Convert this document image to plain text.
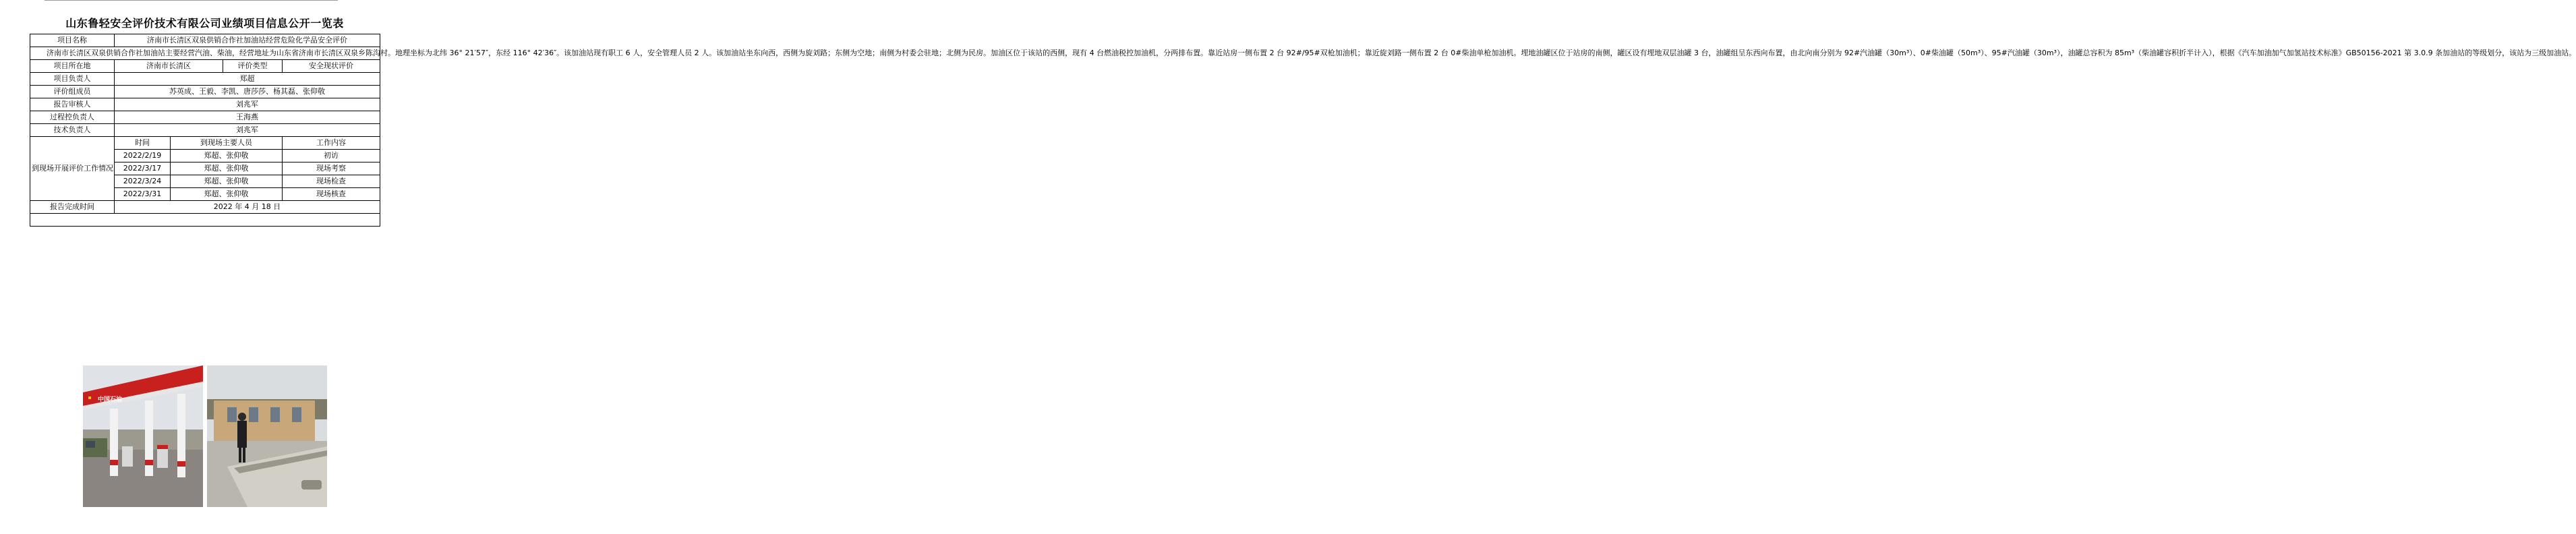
山东鲁轻安全评价技术有限公司业绩项目信息公开一览表
项目名称	济南市长清区双泉供销合作社加油站经营危险化学品安全评价			

济南市长清区双泉供销合作社加油站主要经营汽油、柴油，经营地址为山东省济南市长清区双泉乡陈沟村。地理坐标为北纬 36° 21′57″，东经 116° 42′36″。该加油站现有职工 6 人，安全管理人员 2 人。该加油站坐东向西，西侧为旋刘路；东侧为空地；南侧为村委会驻地；北侧为民房。加油区位于该站的西侧，现有 4 台燃油税控加油机，分两排布置。靠近站房一侧布置 2 台 92#/95#双枪加油机；靠近旋刘路一侧布置 2 台 0#柴油单枪加油机。埋地油罐区位于站房的南侧，罐区设有埋地双层油罐 3 台，油罐组呈东西向布置，由北向南分别为 92#汽油罐（30m³）、0#柴油罐（50m³）、95#汽油罐（30m³），油罐总容积为 85m³（柴油罐容积折半计入），根据《汽车加油加气加氢站技术标准》GB50156-2021 第 3.0.9 条加油站的等级划分，该站为三级加油站。				

项目所在地	济南市长清区		评价类型	安全现状评价
项目负责人	郑超			
评价组成员	苏英成、王毅、李凯、唐莎莎、杨其磊、张仰敬			
报告审核人	刘兆军			
过程控负责人	王海燕			
技术负责人	刘兆军			
到现场开展评价工作情况	时间	到现场主要人员		工作内容
	2022/2/19	郑超、张仰敬		初访
	2022/3/17	郑超、张仰敬		现场考察
	2022/3/24	郑超、张仰敬		现场检查
	2022/3/31	郑超、张仰敬		现场核查
报告完成时间	2022 年 4 月 18 日			

中国石油
